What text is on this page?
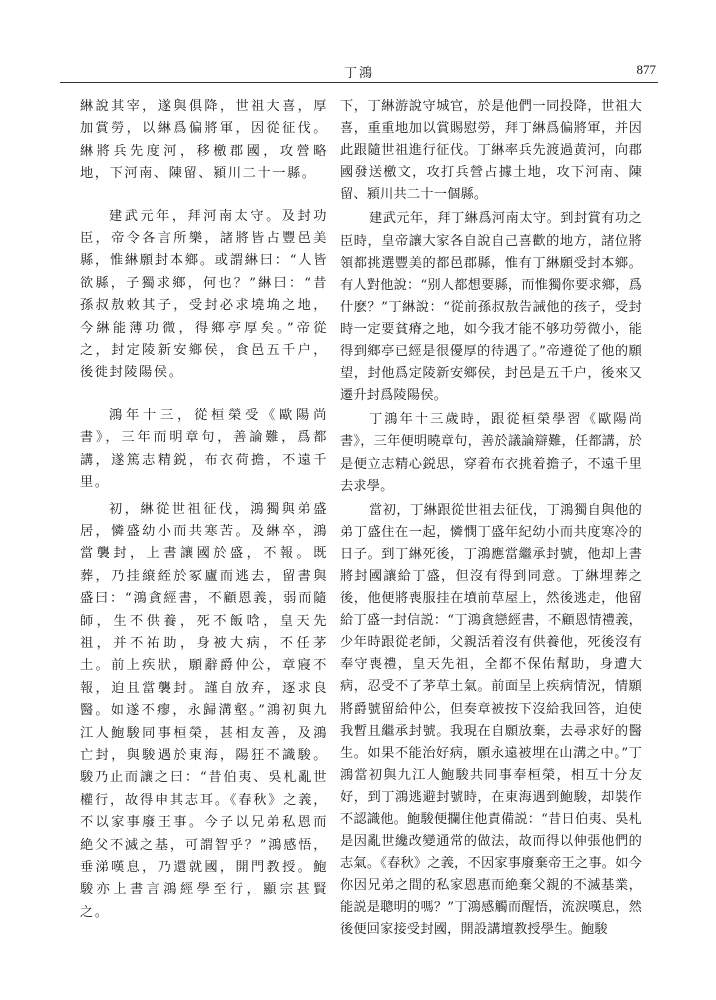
丁鴻	877

綝說其宰，遂與俱降，世祖大喜，厚加賞勞，以綝爲偏將軍，因從征伐。綝將兵先度河，移檄郡國，攻營略地，下河南、陳留、潁川二十一縣。

建武元年，拜河南太守。及封功臣，帝令各言所樂，諸將皆占豐邑美縣，惟綝願封本鄉。或謂綝曰：“人皆欲縣，子獨求鄉，何也？”綝曰：“昔孫叔敖敕其子，受封必求墝埆之地，今綝能薄功微，得鄉亭厚矣。”帝從之，封定陵新安鄉侯，食邑五千户，後徙封陵陽侯。

鴻年十三，從桓榮受《歐陽尚書》，三年而明章句，善論難，爲都講，遂篤志精鋭，布衣荷擔，不遠千里。

初，綝從世祖征伐，鴻獨與弟盛居，憐盛幼小而共寒苦。及綝卒，鴻當襲封，上書讓國於盛，不報。既葬，乃挂縗絰於冢廬而逃去，留書與盛曰：“鴻貪經書，不顧恩義，弱而隨師，生不供養，死不飯唅，皇天先祖，并不祐助，身被大病，不任茅土。前上疾狀，願辭爵仲公，章寢不報，迫且當襲封。謹自放弃，逐求良醫。如遂不瘳，永歸溝壑。”鴻初與九江人鮑駿同事桓榮，甚相友善，及鴻亡封，與駿遇於東海，陽狂不識駿。駿乃止而讓之曰：“昔伯夷、吳札亂世權行，故得申其志耳。《春秋》之義，不以家事廢王事。今子以兄弟私恩而絶父不滅之基，可謂智乎？”鴻感悟，垂涕嘆息，乃還就國，開門教授。鮑駿亦上書言鴻經學至行，顯宗甚賢之。

下，丁綝游說守城官，於是他們一同投降，世祖大喜，重重地加以賞賜慰勞，拜丁綝爲偏將軍，并因此跟隨世祖進行征伐。丁綝率兵先渡過黄河，向郡國發送檄文，攻打兵營占據土地，攻下河南、陳留、潁川共二十一個縣。

建武元年，拜丁綝爲河南太守。到封賞有功之臣時，皇帝讓大家各自說自己喜歡的地方，諸位將領都挑選豐美的都邑郡縣，惟有丁綝願受封本鄉。有人對他說：“别人都想要縣，而惟獨你要求鄉，爲什麽？”丁綝說：“從前孫叔敖告誡他的孩子，受封時一定要貧瘠之地，如今我才能不够功勞微小，能得到鄉亭已經是很優厚的待遇了。”帝遵從了他的願望，封他爲定陵新安鄉侯，封邑是五千户，後來又遷升封爲陵陽侯。

丁鴻年十三歲時，跟從桓榮學習《歐陽尚書》，三年便明曉章句，善於議論辯難，任都講，於是便立志精心鋭思，穿着布衣挑着擔子，不遠千里去求學。

當初，丁綝跟從世祖去征伐，丁鴻獨自與他的弟丁盛住在一起，憐憫丁盛年紀幼小而共度寒冷的日子。到丁綝死後，丁鴻應當繼承封號，他却上書將封國讓給丁盛，但沒有得到同意。丁綝埋葬之後，他便將喪服挂在墳前草屋上，然後逃走，他留給丁盛一封信説：“丁鴻貪戀經書，不顧恩情禮義，少年時跟從老師，父親活着沒有供養他，死後沒有奉守喪禮，皇天先祖，全都不保佑幫助，身遭大病，忍受不了茅草土氣。前面呈上疾病情況，情願將爵號留給仲公，但奏章被按下沒給我回答，迫使我暫且繼承封號。我現在自願放棄，去尋求好的醫生。如果不能治好病，願永遠被埋在山溝之中。”丁鴻當初與九江人鮑駿共同事奉桓榮，相互十分友好，到丁鴻逃避封號時，在東海遇到鮑駿，却裝作不認識他。鮑駿便攔住他責備説：“昔日伯夷、吳札是因亂世纔改變通常的做法，故而得以伸張他們的志氣。《春秋》之義，不因家事廢棄帝王之事。如今你因兄弟之間的私家恩惠而絶棄父親的不滅基業，能説是聰明的嗎？”丁鴻感觸而醒悟，流淚嘆息，然後便回家接受封國，開設講壇教授學生。鮑駿
